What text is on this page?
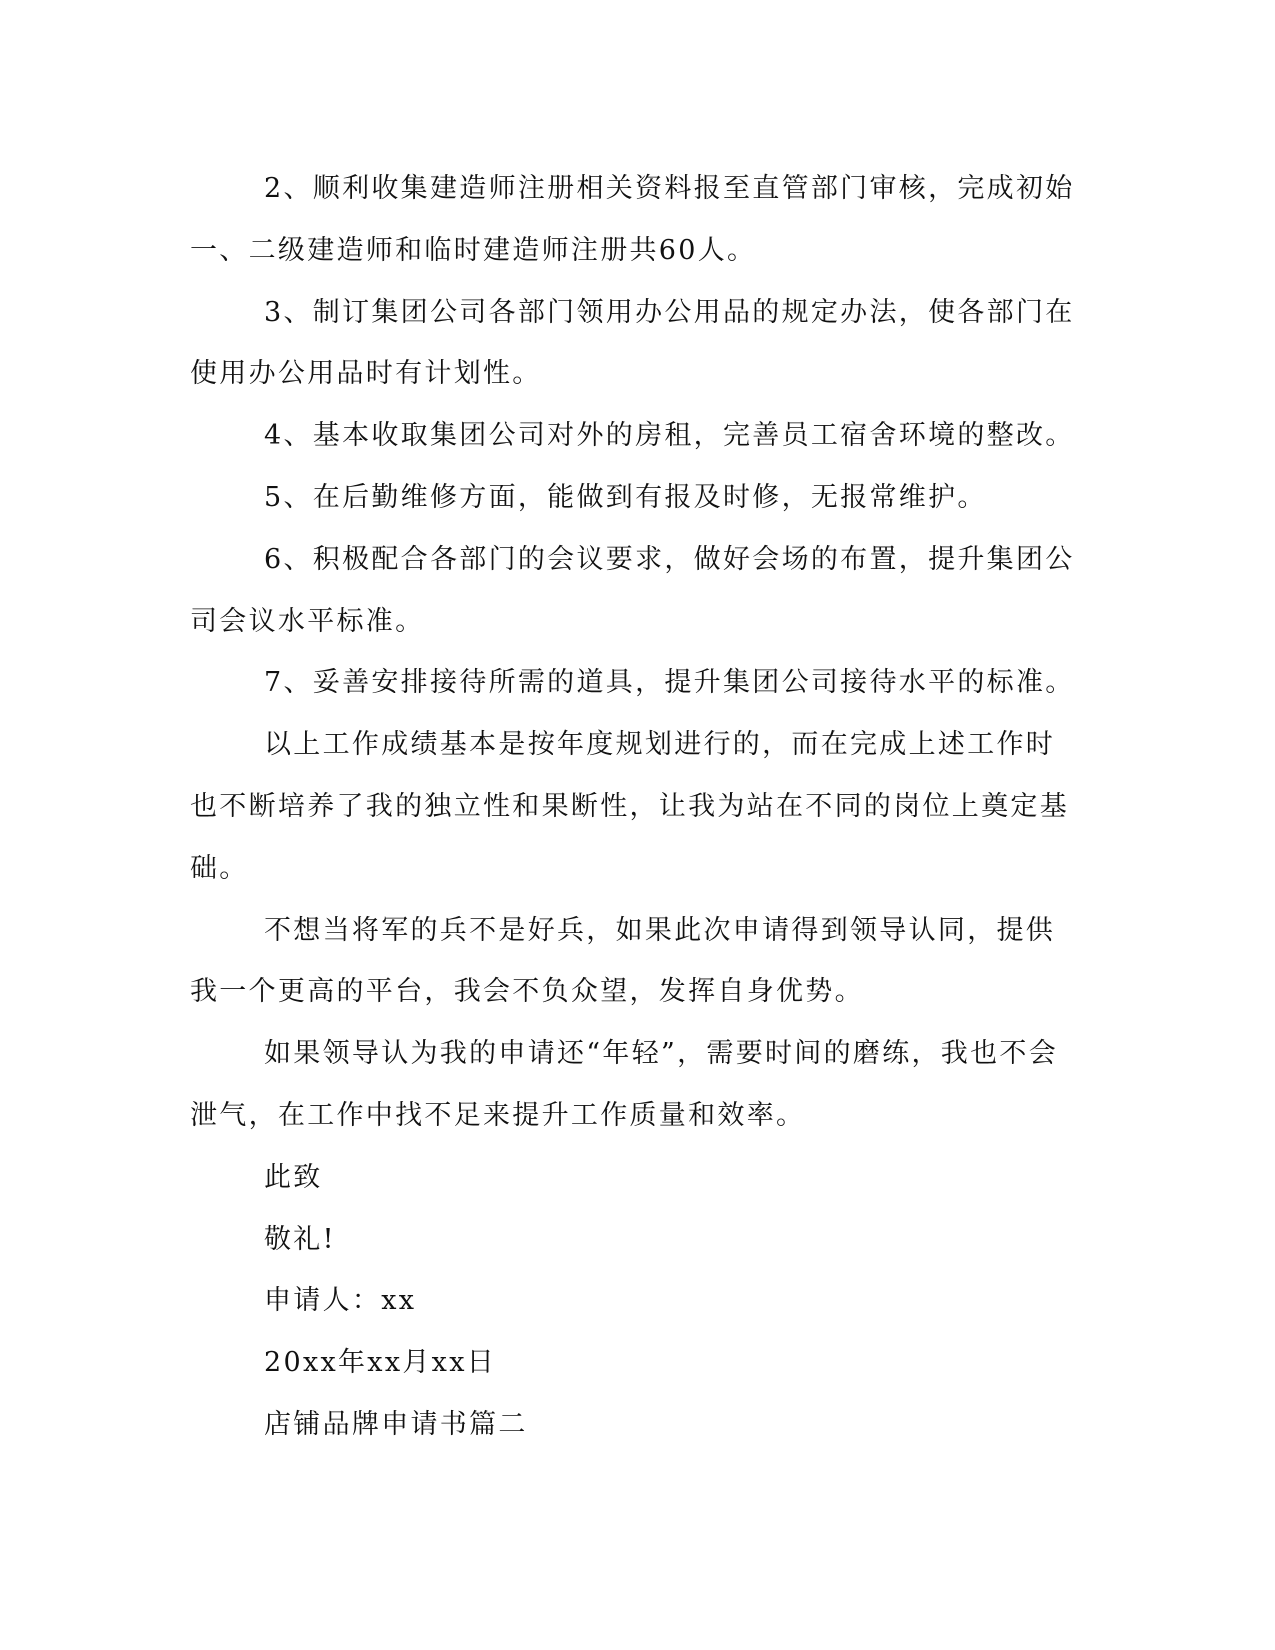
2、顺利收集建造师注册相关资料报至直管部门审核，完成初始一、二级建造师和临时建造师注册共60人。

3、制订集团公司各部门领用办公用品的规定办法，使各部门在使用办公用品时有计划性。

4、基本收取集团公司对外的房租，完善员工宿舍环境的整改。

5、在后勤维修方面，能做到有报及时修，无报常维护。

6、积极配合各部门的会议要求，做好会场的布置，提升集团公司会议水平标准。

7、妥善安排接待所需的道具，提升集团公司接待水平的标准。

以上工作成绩基本是按年度规划进行的，而在完成上述工作时也不断培养了我的独立性和果断性，让我为站在不同的岗位上奠定基础。

不想当将军的兵不是好兵，如果此次申请得到领导认同，提供我一个更高的平台，我会不负众望，发挥自身优势。

如果领导认为我的申请还“年轻”，需要时间的磨练，我也不会泄气，在工作中找不足来提升工作质量和效率。

此致

敬礼!

申请人：xx

20xx年xx月xx日

店铺品牌申请书篇二
